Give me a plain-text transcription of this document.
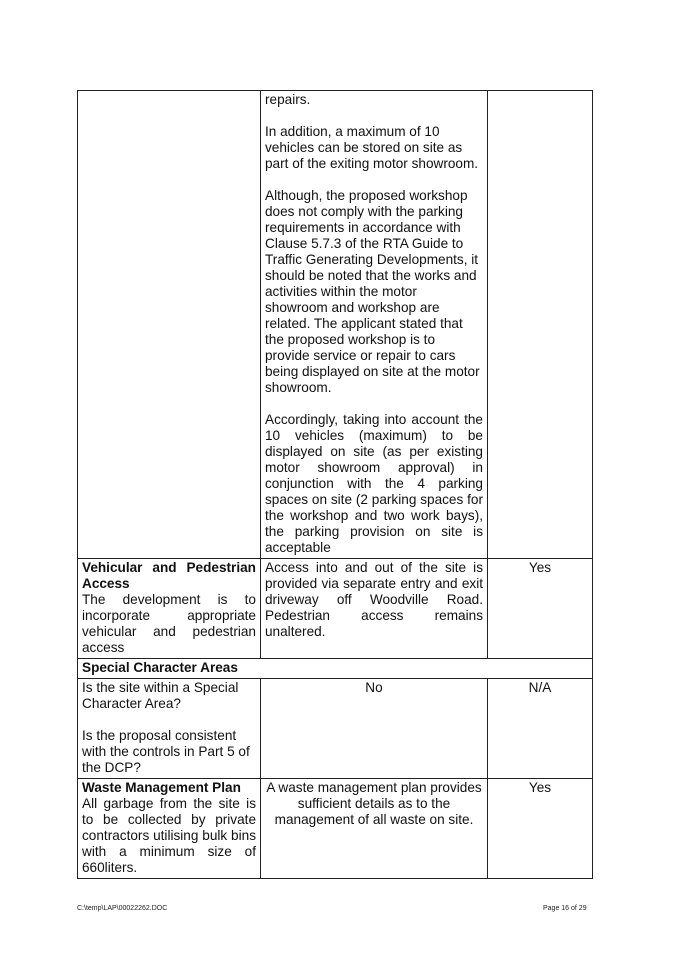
	repairs.

In addition, a maximum of 10 vehicles can be stored on site as part of the exiting motor showroom.

Although, the proposed workshop does not comply with the parking requirements in accordance with Clause 5.7.3 of the RTA Guide to Traffic Generating Developments, it should be noted that the works and activities within the motor showroom and workshop are related. The applicant stated that the proposed workshop is to provide service or repair to cars being displayed on site at the motor showroom.

Accordingly, taking into account the 10 vehicles (maximum) to be displayed on site (as per existing motor showroom approval) in conjunction with the 4 parking spaces on site (2 parking spaces for the workshop and two work bays), the parking provision on site is acceptable	

Vehicular and Pedestrian Access
The development is to incorporate appropriate vehicular and pedestrian access	Access into and out of the site is provided via separate entry and exit driveway off Woodville Road. Pedestrian access remains unaltered.	Yes
Special Character Areas		

Is the site within a Special Character Area?

Is the proposal consistent with the controls in Part 5 of the DCP?	No	N/A

Waste Management Plan
All garbage from the site is to be collected by private contractors utilising bulk bins with a minimum size of 660liters.	A waste management plan provides sufficient details as to the management of all waste on site.	Yes
C:\temp\LAP\00022262.DOC	Page 16 of 29
